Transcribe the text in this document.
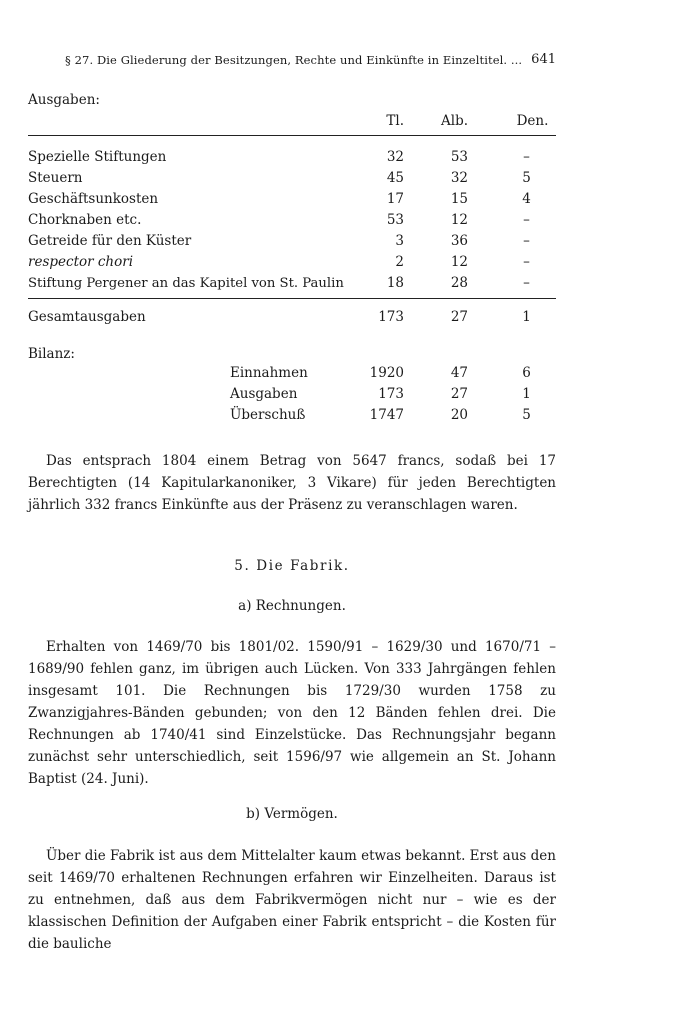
§ 27. Die Gliederung der Besitzungen, Rechte und Einkünfte in Einzeltitel. ... 641
Ausgaben:
Tl.	Alb.	Den.
Spezielle Stiftungen	32	53	–
Steuern	45	32	5
Geschäftsunkosten	17	15	4
Chorknaben etc.	53	12	–
Getreide für den Küster	3	36	–
respector chori	2	12	–
Stiftung Pergener an das Kapitel von St. Paulin	18	28	–
Gesamtausgaben	173	27	1
Bilanz:
Einnahmen	1920	47	6
Ausgaben	173	27	1
Überschuß	1747	20	5

Das entsprach 1804 einem Betrag von 5647 francs, sodaß bei 17 Berechtigten (14 Kapitularkanoniker, 3 Vikare) für jeden Berechtigten jährlich 332 francs Einkünfte aus der Präsenz zu veranschlagen waren.

5. Die Fabrik.
a) Rechnungen.

Erhalten von 1469/70 bis 1801/02. 1590/91 – 1629/30 und 1670/71 – 1689/90 fehlen ganz, im übrigen auch Lücken. Von 333 Jahrgängen fehlen insgesamt 101. Die Rechnungen bis 1729/30 wurden 1758 zu Zwanzigjahres-Bänden gebunden; von den 12 Bänden fehlen drei. Die Rechnungen ab 1740/41 sind Einzelstücke. Das Rechnungsjahr begann zunächst sehr unterschiedlich, seit 1596/97 wie allgemein an St. Johann Baptist (24. Juni).

b) Vermögen.

Über die Fabrik ist aus dem Mittelalter kaum etwas bekannt. Erst aus den seit 1469/70 erhaltenen Rechnungen erfahren wir Einzelheiten. Daraus ist zu entnehmen, daß aus dem Fabrikvermögen nicht nur – wie es der klassischen Definition der Aufgaben einer Fabrik entspricht – die Kosten für die bauliche
